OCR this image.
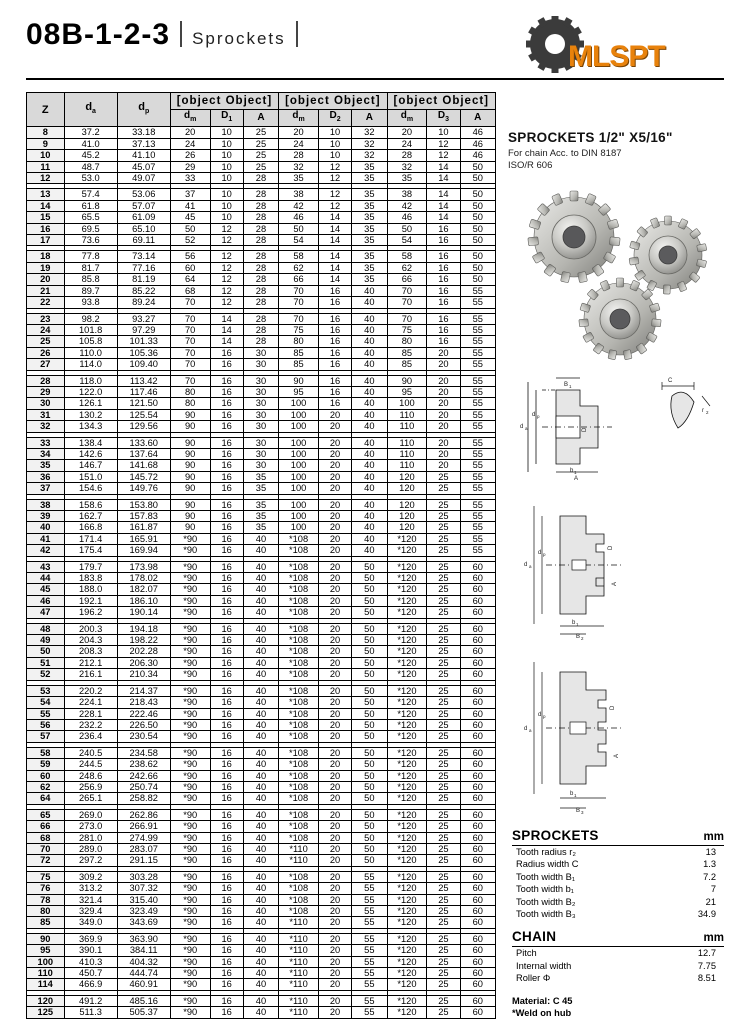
08B-1-2-3 Sprockets
MLSPT
Z	$d_a$	$d_p$	[object Object]			[object Object]			[object Object]		
			$d_m$	$D_1$	A	$d_m$	$D_2$	A	$d_m$	$D_3$	A
8	37.2	33.18	20	10	25	20	10	32	20	10	46
9	41.0	37.13	24	10	25	24	10	32	24	12	46
10	45.2	41.10	26	10	25	28	10	32	28	12	46
11	48.7	45.07	29	10	25	32	12	35	32	14	50
12	53.0	49.07	33	10	28	35	12	35	35	14	50

13	57.4	53.06	37	10	28	38	12	35	38	14	50
14	61.8	57.07	41	10	28	42	12	35	42	14	50
15	65.5	61.09	45	10	28	46	14	35	46	14	50
16	69.5	65.10	50	12	28	50	14	35	50	16	50
17	73.6	69.11	52	12	28	54	14	35	54	16	50

18	77.8	73.14	56	12	28	58	14	35	58	16	50
19	81.7	77.16	60	12	28	62	14	35	62	16	50
20	85.8	81.19	64	12	28	66	14	35	66	16	50
21	89.7	85.22	68	12	28	70	16	40	70	16	55
22	93.8	89.24	70	12	28	70	16	40	70	16	55

23	98.2	93.27	70	14	28	70	16	40	70	16	55
24	101.8	97.29	70	14	28	75	16	40	75	16	55
25	105.8	101.33	70	14	28	80	16	40	80	16	55
26	110.0	105.36	70	16	30	85	16	40	85	20	55
27	114.0	109.40	70	16	30	85	16	40	85	20	55

28	118.0	113.42	70	16	30	90	16	40	90	20	55
29	122.0	117.46	80	16	30	95	16	40	95	20	55
30	126.1	121.50	80	16	30	100	16	40	100	20	55
31	130.2	125.54	90	16	30	100	20	40	110	20	55
32	134.3	129.56	90	16	30	100	20	40	110	20	55

33	138.4	133.60	90	16	30	100	20	40	110	20	55
34	142.6	137.64	90	16	30	100	20	40	110	20	55
35	146.7	141.68	90	16	30	100	20	40	110	20	55
36	151.0	145.72	90	16	35	100	20	40	120	25	55
37	154.6	149.76	90	16	35	100	20	40	120	25	55

38	158.6	153.80	90	16	35	100	20	40	120	25	55
39	162.7	157.83	90	16	35	100	20	40	120	25	55
40	166.8	161.87	90	16	35	100	20	40	120	25	55
41	171.4	165.91	*90	16	40	*108	20	40	*120	25	55
42	175.4	169.94	*90	16	40	*108	20	40	*120	25	55

43	179.7	173.98	*90	16	40	*108	20	50	*120	25	60
44	183.8	178.02	*90	16	40	*108	20	50	*120	25	60
45	188.0	182.07	*90	16	40	*108	20	50	*120	25	60
46	192.1	186.10	*90	16	40	*108	20	50	*120	25	60
47	196.2	190.14	*90	16	40	*108	20	50	*120	25	60

48	200.3	194.18	*90	16	40	*108	20	50	*120	25	60
49	204.3	198.22	*90	16	40	*108	20	50	*120	25	60
50	208.3	202.28	*90	16	40	*108	20	50	*120	25	60
51	212.1	206.30	*90	16	40	*108	20	50	*120	25	60
52	216.1	210.34	*90	16	40	*108	20	50	*120	25	60

53	220.2	214.37	*90	16	40	*108	20	50	*120	25	60
54	224.1	218.43	*90	16	40	*108	20	50	*120	25	60
55	228.1	222.46	*90	16	40	*108	20	50	*120	25	60
56	232.2	226.50	*90	16	40	*108	20	50	*120	25	60
57	236.4	230.54	*90	16	40	*108	20	50	*120	25	60

58	240.5	234.58	*90	16	40	*108	20	50	*120	25	60
59	244.5	238.62	*90	16	40	*108	20	50	*120	25	60
60	248.6	242.66	*90	16	40	*108	20	50	*120	25	60
62	256.9	250.74	*90	16	40	*108	20	50	*120	25	60
64	265.1	258.82	*90	16	40	*108	20	50	*120	25	60

65	269.0	262.86	*90	16	40	*108	20	50	*120	25	60
66	273.0	266.91	*90	16	40	*108	20	50	*120	25	60
68	281.0	274.99	*90	16	40	*108	20	50	*120	25	60
70	289.0	283.07	*90	16	40	*110	20	50	*120	25	60
72	297.2	291.15	*90	16	40	*110	20	50	*120	25	60

75	309.2	303.28	*90	16	40	*108	20	55	*120	25	60
76	313.2	307.32	*90	16	40	*108	20	55	*120	25	60
78	321.4	315.40	*90	16	40	*108	20	55	*120	25	60
80	329.4	323.49	*90	16	40	*108	20	55	*120	25	60
85	349.0	343.69	*90	16	40	*110	20	55	*120	25	60

90	369.9	363.90	*90	16	40	*110	20	55	*120	25	60
95	390.1	384.11	*90	16	40	*110	20	55	*120	25	60
100	410.3	404.32	*90	16	40	*110	20	55	*120	25	60
110	450.7	444.74	*90	16	40	*110	20	55	*120	25	60
114	466.9	460.91	*90	16	40	*110	20	55	*120	25	60

120	491.2	485.16	*90	16	40	*110	20	55	*120	25	60
125	511.3	505.37	*90	16	40	*110	20	55	*120	25	60
SPROCKETS 1/2" X5/16"
For chain Acc. to DIN 8187
ISO/R 606
d a
d p
b 1
A
C
r 2
D
B 1
d a
d p
b 1
B 2
D
A
d a
d p
b 1
B 3
D
A
SPROCKETS	mm
Tooth radius r₂	13
Radius width C	1.3
Tooth width B₁	7.2
Tooth width b₁	7
Tooth width B₂	21
Tooth width B₃	34.9
CHAIN	mm
Pitch	12.7
Internal width	7.75
Roller Φ	8.51
Material: C 45
*Weld on hub
